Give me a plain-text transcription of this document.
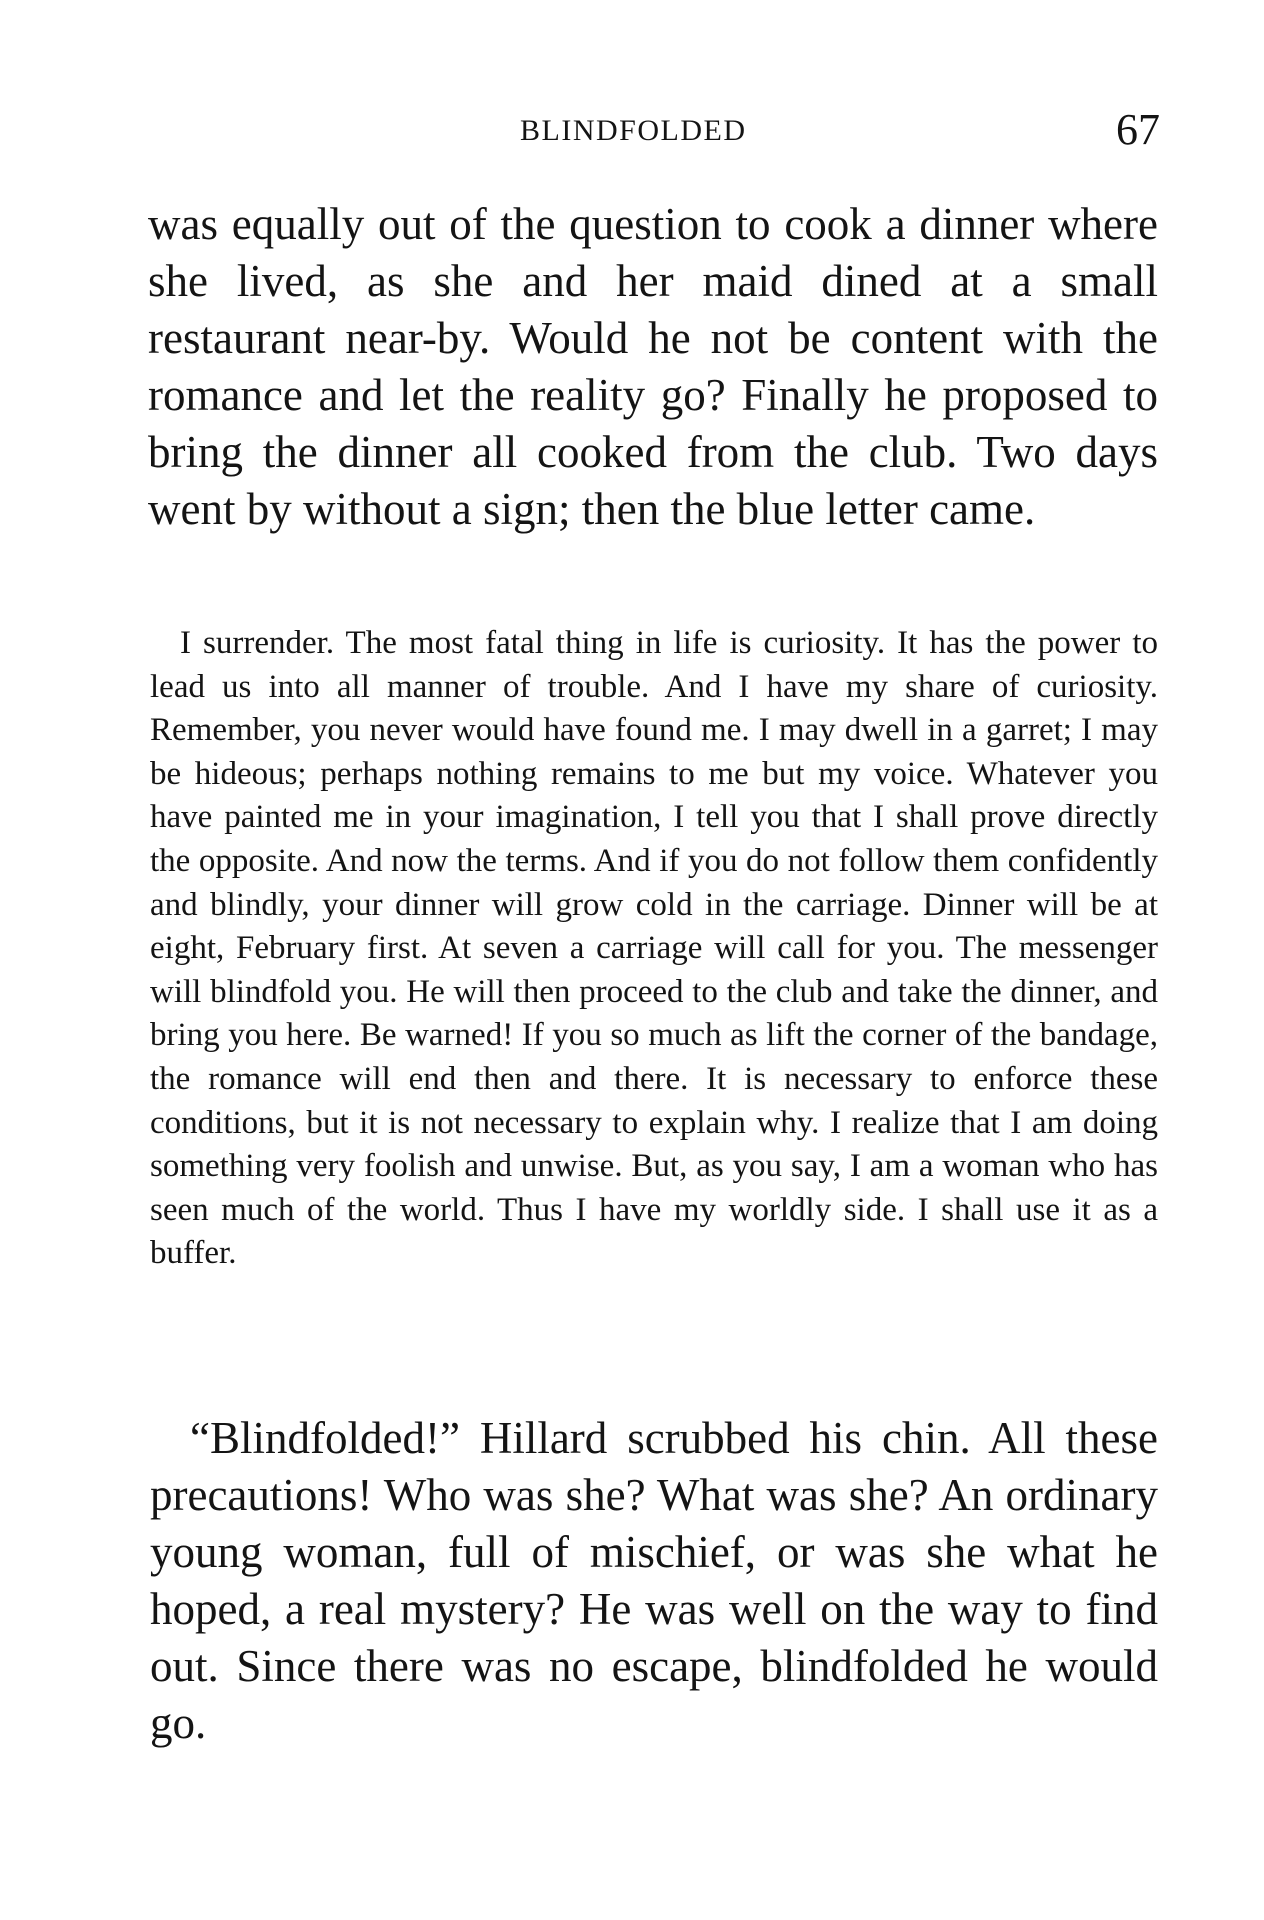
BLINDFOLDED	67

was equally out of the question to cook a dinner where she lived, as she and her maid dined at a small restaurant near-by. Would he not be content with the romance and let the reality go? Finally he proposed to bring the dinner all cooked from the club. Two days went by without a sign; then the blue letter came.

I surrender. The most fatal thing in life is curiosity. It has the power to lead us into all manner of trouble. And I have my share of curiosity. Remember, you never would have found me. I may dwell in a garret; I may be hideous; perhaps nothing remains to me but my voice. Whatever you have painted me in your imagination, I tell you that I shall prove directly the opposite. And now the terms. And if you do not follow them confidently and blindly, your dinner will grow cold in the carriage. Dinner will be at eight, February first. At seven a carriage will call for you. The messenger will blindfold you. He will then proceed to the club and take the dinner, and bring you here. Be warned! If you so much as lift the corner of the bandage, the romance will end then and there. It is necessary to enforce these conditions, but it is not necessary to explain why. I realize that I am doing something very foolish and unwise. But, as you say, I am a woman who has seen much of the world. Thus I have my worldly side. I shall use it as a buffer.

“Blindfolded!” Hillard scrubbed his chin. All these precautions! Who was she? What was she? An ordinary young woman, full of mischief, or was she what he hoped, a real mystery? He was well on the way to find out. Since there was no escape, blindfolded he would go.
